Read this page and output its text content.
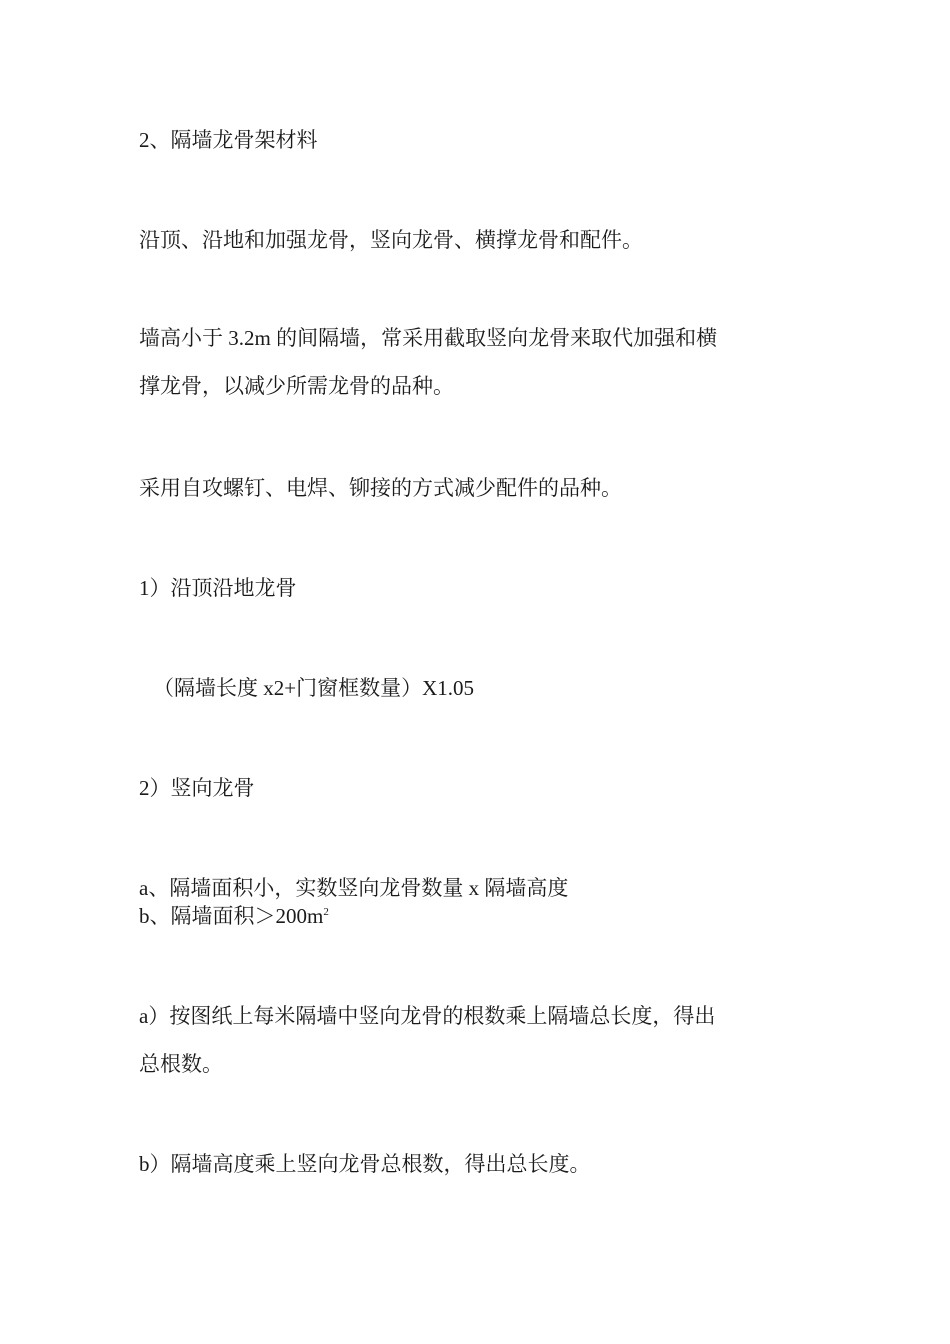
2、隔墙龙骨架材料
沿顶、沿地和加强龙骨，竖向龙骨、横撑龙骨和配件。
墙高小于 3.2m 的间隔墙，常采用截取竖向龙骨来取代加强和横
撑龙骨，以减少所需龙骨的品种。
采用自攻螺钉、电焊、铆接的方式减少配件的品种。
1）沿顶沿地龙骨
（隔墙长度 x2+门窗框数量）X1.05
2）竖向龙骨
a、隔墙面积小，实数竖向龙骨数量 x 隔墙高度
b、隔墙面积$>200m^2$
a）按图纸上每米隔墙中竖向龙骨的根数乘上隔墙总长度，得出
总根数。
b）隔墙高度乘上竖向龙骨总根数，得出总长度。
